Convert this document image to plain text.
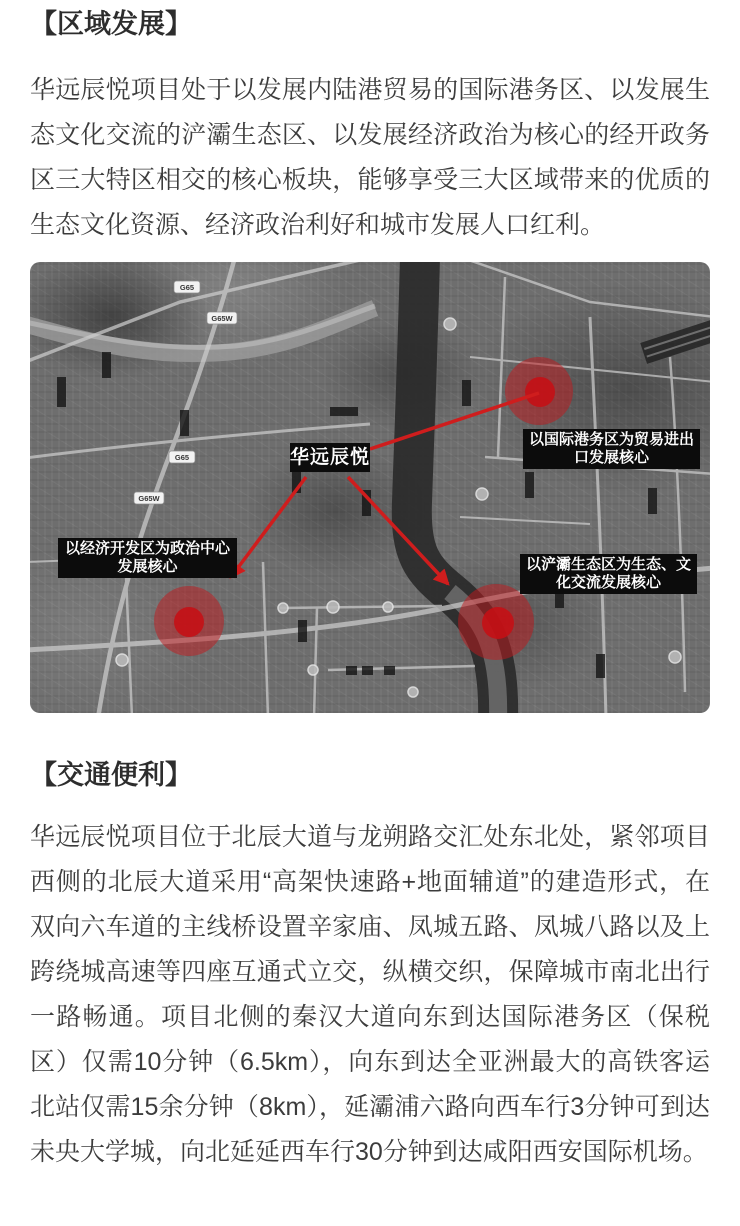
【区域发展】

华远辰悦项目处于以发展内陆港贸易的国际港务区、以发展生态文化交流的浐灞生态区、以发展经济政治为核心的经开政务区三大特区相交的核心板块，能够享受三大区域带来的优质的生态文化资源、经济政治利好和城市发展人口红利。

G65
G65W
G65
G65W
华远辰悦
以国际港务区为贸易进出
口发展核心
以经济开发区为政治中心
发展核心	以浐灞生态区为生态、文
化交流发展核心
【交通便利】

华远辰悦项目位于北辰大道与龙朔路交汇处东北处，紧邻项目西侧的北辰大道采用“高架快速路+地面辅道”的建造形式，在双向六车道的主线桥设置辛家庙、凤城五路、凤城八路以及上跨绕城高速等四座互通式立交，纵横交织，保障城市南北出行一路畅通。项目北侧的秦汉大道向东到达国际港务区（保税区）仅需10分钟（6.5km），向东到达全亚洲最大的高铁客运北站仅需15余分钟（8km），延灞浦六路向西车行3分钟可到达未央大学城，向北延延西车行30分钟到达咸阳西安国际机场。
